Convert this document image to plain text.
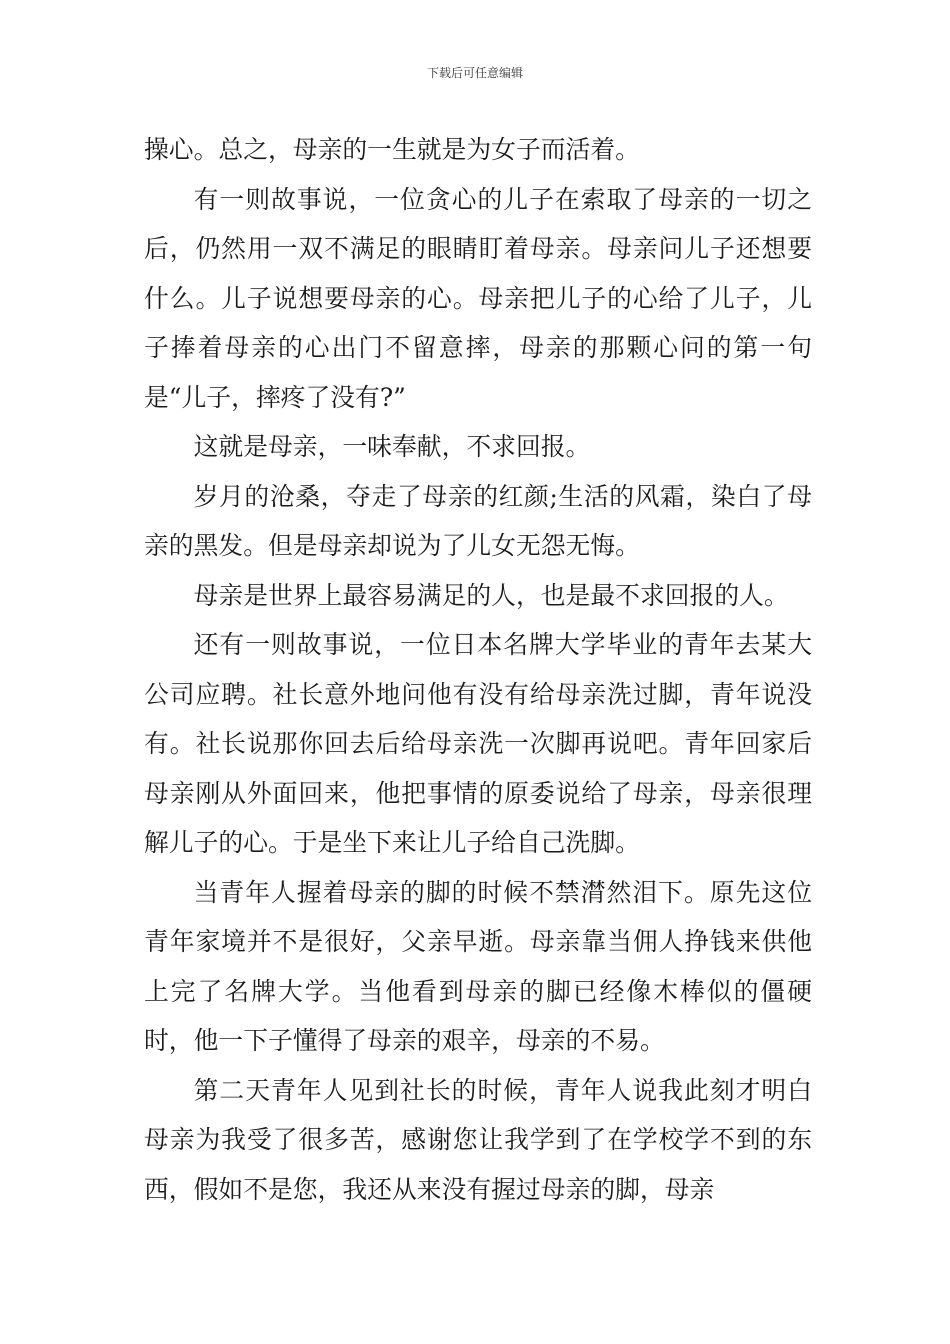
下载后可任意编辑

操心。总之，母亲的一生就是为女子而活着。

有一则故事说，一位贪心的儿子在索取了母亲的一切之后，仍然用一双不满足的眼睛盯着母亲。母亲问儿子还想要什么。儿子说想要母亲的心。母亲把儿子的心给了儿子，儿子捧着母亲的心出门不留意摔，母亲的那颗心问的第一句是“儿子，摔疼了没有?”

这就是母亲，一味奉献，不求回报。

岁月的沧桑，夺走了母亲的红颜;生活的风霜，染白了母亲的黑发。但是母亲却说为了儿女无怨无悔。

母亲是世界上最容易满足的人，也是最不求回报的人。

还有一则故事说，一位日本名牌大学毕业的青年去某大公司应聘。社长意外地问他有没有给母亲洗过脚，青年说没有。社长说那你回去后给母亲洗一次脚再说吧。青年回家后母亲刚从外面回来，他把事情的原委说给了母亲，母亲很理解儿子的心。于是坐下来让儿子给自己洗脚。

当青年人握着母亲的脚的时候不禁潸然泪下。原先这位青年家境并不是很好，父亲早逝。母亲靠当佣人挣钱来供他上完了名牌大学。当他看到母亲的脚已经像木棒似的僵硬时，他一下子懂得了母亲的艰辛，母亲的不易。

第二天青年人见到社长的时候，青年人说我此刻才明白母亲为我受了很多苦，感谢您让我学到了在学校学不到的东西，假如不是您，我还从来没有握过母亲的脚，母亲
